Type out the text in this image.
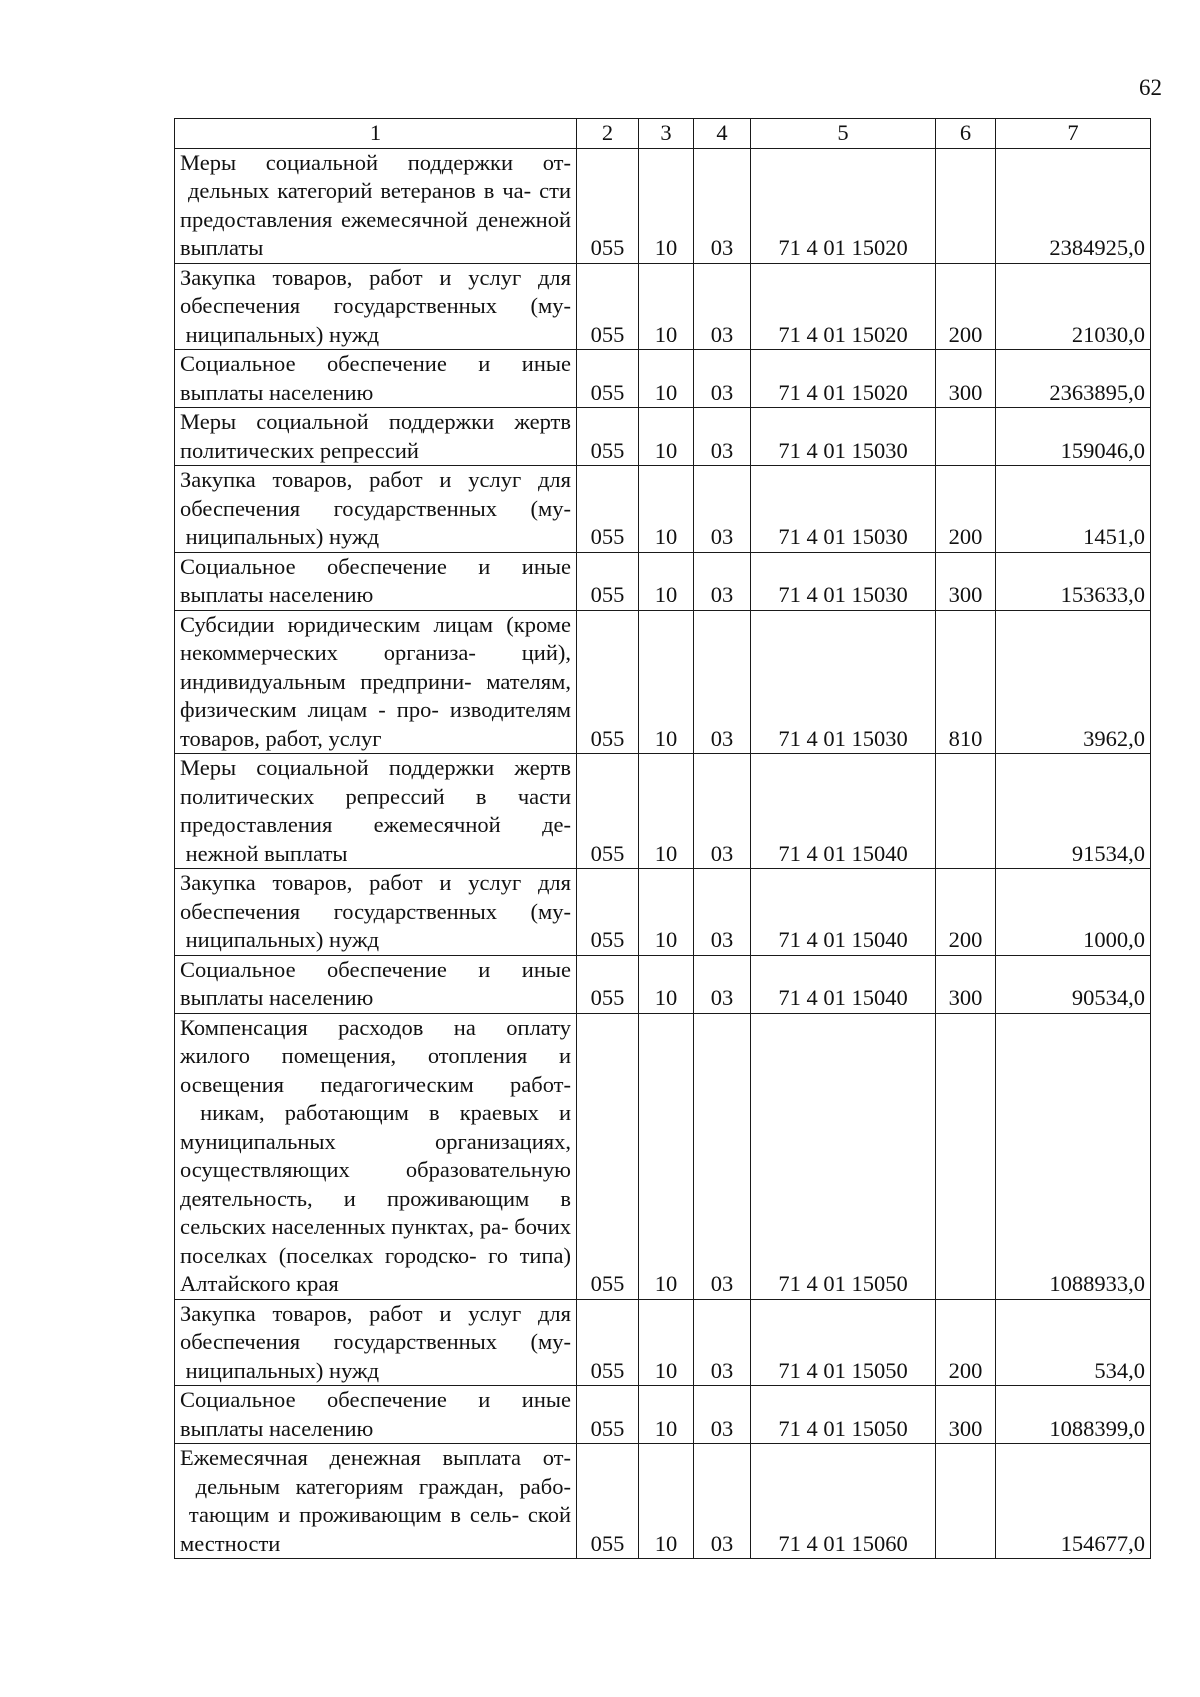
62
1	2	3	4	5	6	7
Меры социальной поддержки от- дельных категорий ветеранов в ча- сти предоставления ежемесячной денежной выплаты	055	10	03	71 4 01 15020		2384925,0
Закупка товаров, работ и услуг для обеспечения государственных (му- ниципальных) нужд	055	10	03	71 4 01 15020	200	21030,0
Социальное обеспечение и иные выплаты населению	055	10	03	71 4 01 15020	300	2363895,0
Меры социальной поддержки жертв политических репрессий	055	10	03	71 4 01 15030		159046,0
Закупка товаров, работ и услуг для обеспечения государственных (му- ниципальных) нужд	055	10	03	71 4 01 15030	200	1451,0
Социальное обеспечение и иные выплаты населению	055	10	03	71 4 01 15030	300	153633,0
Субсидии юридическим лицам (кроме некоммерческих организа- ций), индивидуальным предприни- мателям, физическим лицам - про- изводителям товаров, работ, услуг	055	10	03	71 4 01 15030	810	3962,0
Меры социальной поддержки жертв политических репрессий в части предоставления ежемесячной де- нежной выплаты	055	10	03	71 4 01 15040		91534,0
Закупка товаров, работ и услуг для обеспечения государственных (му- ниципальных) нужд	055	10	03	71 4 01 15040	200	1000,0
Социальное обеспечение и иные выплаты населению	055	10	03	71 4 01 15040	300	90534,0
Компенсация расходов на оплату жилого помещения, отопления и освещения педагогическим работ- никам, работающим в краевых и муниципальных организациях, осуществляющих образовательную деятельность, и проживающим в сельских населенных пунктах, ра- бочих поселках (поселках городско- го типа) Алтайского края	055	10	03	71 4 01 15050		1088933,0
Закупка товаров, работ и услуг для обеспечения государственных (му- ниципальных) нужд	055	10	03	71 4 01 15050	200	534,0
Социальное обеспечение и иные выплаты населению	055	10	03	71 4 01 15050	300	1088399,0
Ежемесячная денежная выплата от- дельным категориям граждан, рабо- тающим и проживающим в сель- ской местности	055	10	03	71 4 01 15060		154677,0
